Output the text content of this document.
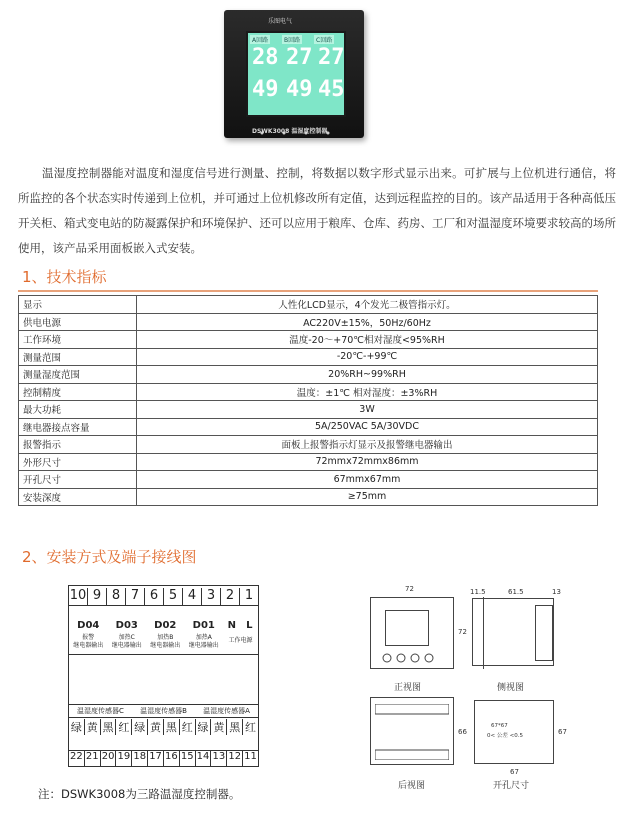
乐图电气
A回路	B回路	C回路
28 27 27
49 49 45
DSWK3008 温湿度控制器

温湿度控制器能对温度和湿度信号进行测量、控制，将数据以数字形式显示出来。可扩展与上位机进行通信，将所监控的各个状态实时传递到上位机，并可通过上位机修改所有定值，达到远程监控的目的。该产品适用于各种高低压开关柜、箱式变电站的防凝露保护和环境保护、还可以应用于粮库、仓库、药房、工厂和对温湿度环境要求较高的场所使用，该产品采用面板嵌入式安装。

1、技术指标
显示	人性化LCD显示，4个发光二极管指示灯。
供电电源	AC220V±15%，50Hz/60Hz
工作环境	温度-20～+70℃相对湿度<95%RH
测量范围	-20℃-+99℃
测量湿度范围	20%RH~99%RH
控制精度	温度：±1℃ 相对湿度：±3%RH
最大功耗	3W
继电器接点容量	5A/250VAC 5A/30VDC
报警指示	面板上报警指示灯显示及报警继电器输出
外形尺寸	72mmx72mmx86mm
开孔尺寸	67mmx67mm
安装深度	≥75mm
2、安装方式及端子接线图
10 9 8 7 6 5 4 3 2 1
D04	D03	D02	D01	N	L
报警
继电器输出
加热C
继电器输出
加热B
继电器输出
加热A
继电器输出
工作电源
温湿度传感器C	温湿度传感器B	温湿度传感器A
绿 黄 黑 红 绿 黄 黑 红 绿 黄 黑 红
22 21 20 19 18 17 16 15 14 13 12 11

注：DSWK3008为三路温湿度控制器。

72
72
正视图
11.5	61.5	13
侧视图
66
后视图
67*67
0< 公差 <0.5
67
67
开孔尺寸
